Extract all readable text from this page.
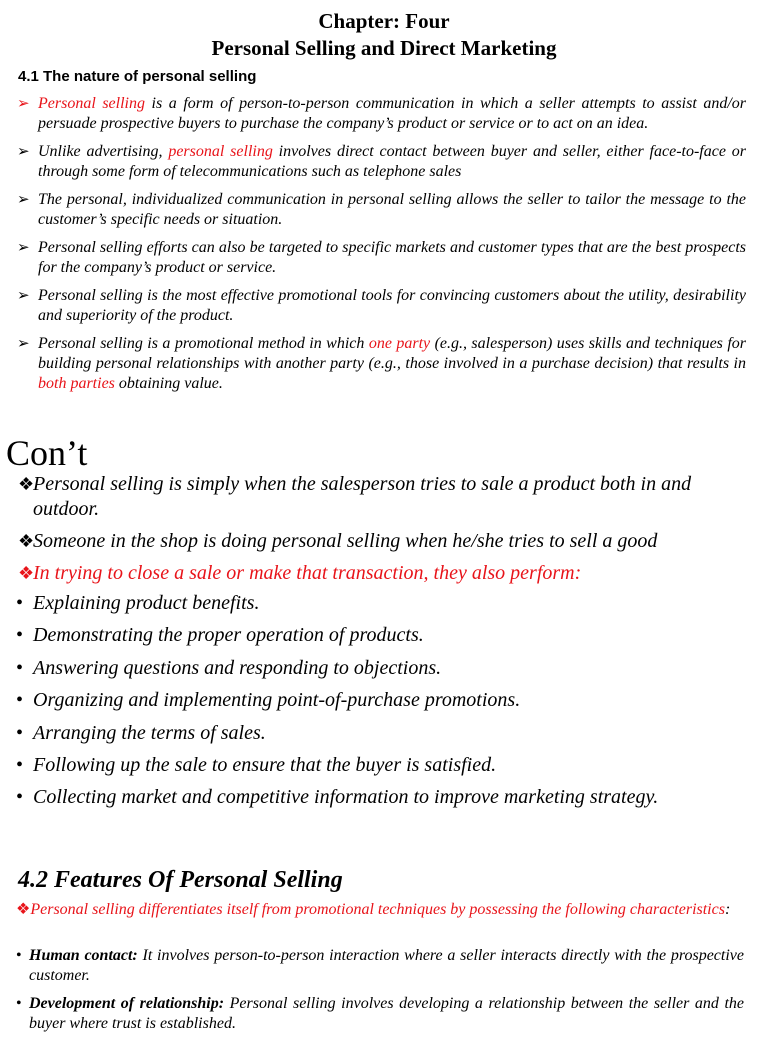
Chapter: Four
Personal Selling and Direct Marketing
4.1 The nature of personal selling
➢ Personal selling is a form of person-to-person communication in which a seller attempts to assist and/or persuade prospective buyers to purchase the company’s product or service or to act on an idea.
➢ Unlike advertising, personal selling involves direct contact between buyer and seller, either face-to-face or through some form of telecommunications such as telephone sales
➢ The personal, individualized communication in personal selling allows the seller to tailor the message to the customer’s specific needs or situation.
➢ Personal selling efforts can also be targeted to specific markets and customer types that are the best prospects for the company’s product or service.
➢ Personal selling is the most effective promotional tools for convincing customers about the utility, desirability and superiority of the product.
➢ Personal selling is a promotional method in which one party (e.g., salesperson) uses skills and techniques for building personal relationships with another party (e.g., those involved in a purchase decision) that results in both parties obtaining value.
Con’t
❖
Personal selling is simply when the salesperson tries to sale a product both in and outdoor.
❖
Someone in the shop is doing personal selling when he/she tries to sell a good
❖
In trying to close a sale or make that transaction, they also perform:
• Explaining product benefits.
• Demonstrating the proper operation of products.
• Answering questions and responding to objections.
• Organizing and implementing point-of-purchase promotions.
• Arranging the terms of sales.
• Following up the sale to ensure that the buyer is satisfied.
• Collecting market and competitive information to improve marketing strategy.
4.2 Features Of Personal Selling
❖Personal selling differentiates itself from promotional techniques by possessing the following characteristics:
• Human contact: It involves person-to-person interaction where a seller interacts directly with the prospective customer.
• Development of relationship: Personal selling involves developing a relationship between the seller and the buyer where trust is established.
